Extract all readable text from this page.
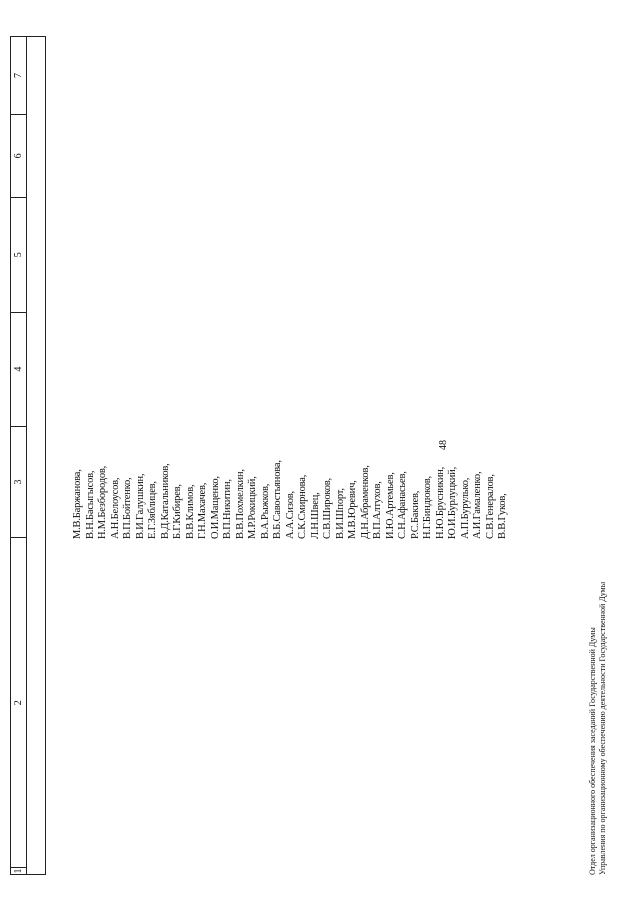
48
1
2
3
4
5
6
7
М.В.Баржанова, В.Н.Басыгысов, Н.М.Безбородов, А.Н.Белоусов, В.П.Бойтенко, В.И.Галушкин, Е.Г.Зяблицев, В.Д.Катальников, Б.Г.Кибирев, В.В.Климов, Г.Н.Махачев, О.И.Мащенко, В.П.Никитин, В.В.Похмелкин, М.Р.Рокицкий, В.А.Рыжков, В.Б.Савостьянова, А.А.Сизов, С.К.Смирнова, Л.Н.Швец, С.В.Широков, В.И.Шпорт, М.В.Юревич, Д.Н.Абраменков, В.П.Алтухов, И.Ю.Артемьев, С.Н.Афанасьев, Р.С.Бакиев, Н.Г.Биндюков, Н.Ю.Брусникин, Ю.И.Бурлуцкий, А.П.Бурулько, А.И.Гамаленко, С.В.Генералов, В.В.Гуков,
Отдел организационного обеспечения заседаний Государственной Думы Управления по организационному обеспечению деятельности Государственной Думы
